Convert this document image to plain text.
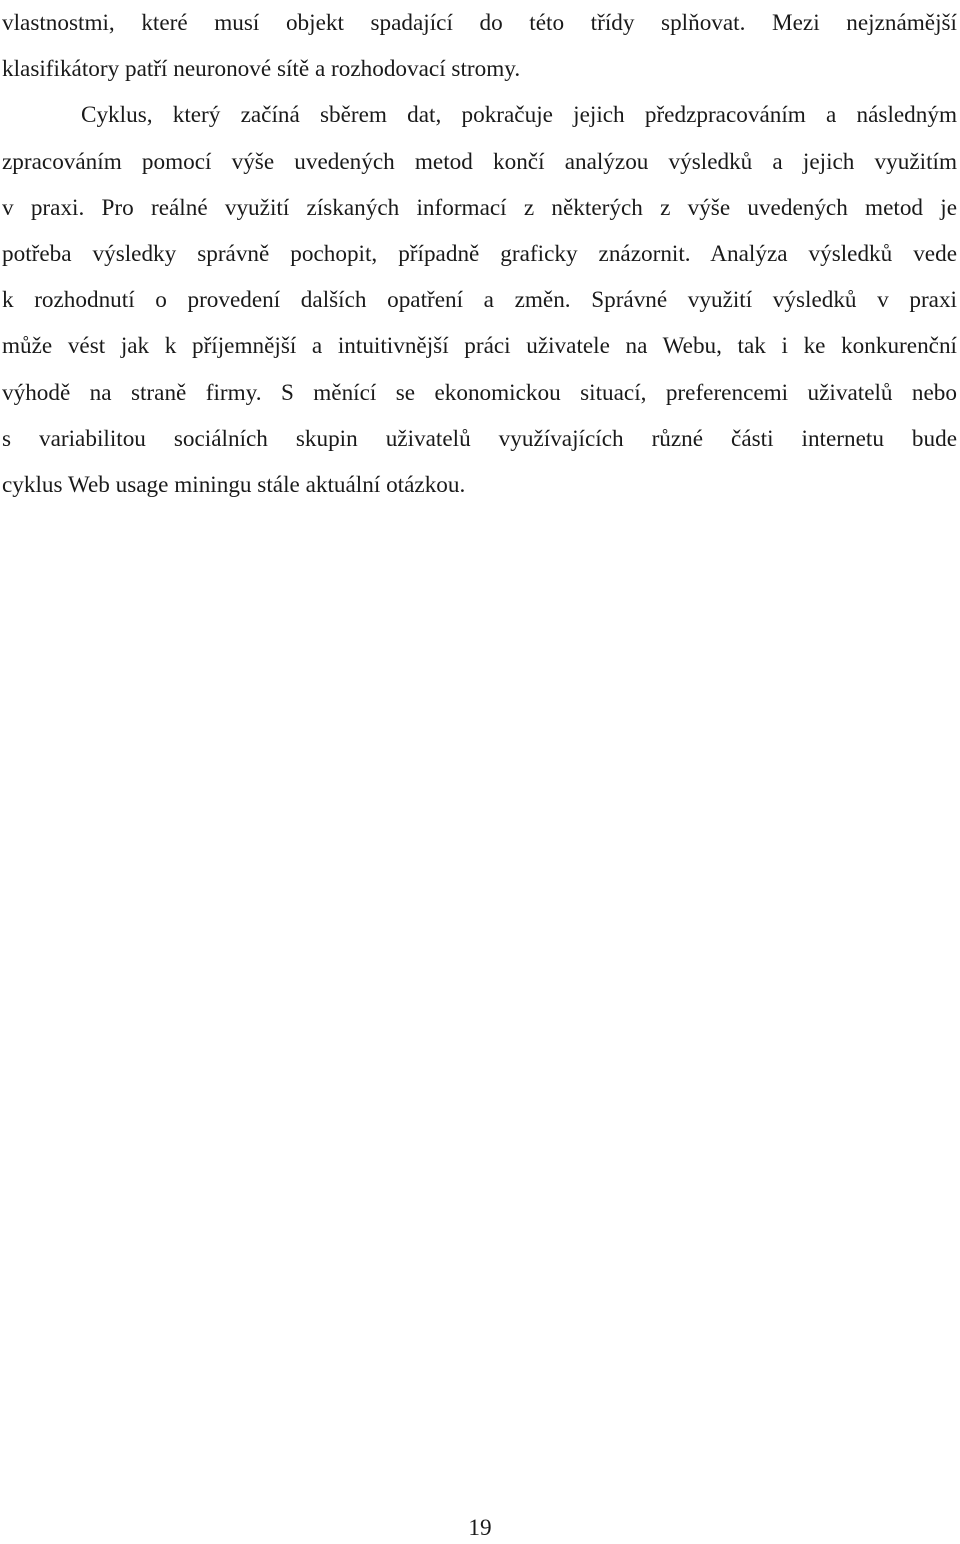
vlastnostmi, které musí objekt spadající do této třídy splňovat. Mezi nejznámější
klasifikátory patří neuronové sítě a rozhodovací stromy.

Cyklus, který začíná sběrem dat, pokračuje jejich předzpracováním a následným
zpracováním pomocí výše uvedených metod končí analýzou výsledků a jejich využitím
v praxi. Pro reálné využití získaných informací z některých z výše uvedených metod je
potřeba výsledky správně pochopit, případně graficky znázornit. Analýza výsledků vede
k rozhodnutí o provedení dalších opatření a změn. Správné využití výsledků v praxi
může vést jak k příjemnější a intuitivnější práci uživatele na Webu, tak i ke konkurenční
výhodě na straně firmy. S měnící se ekonomickou situací, preferencemi uživatelů nebo
s variabilitou sociálních skupin uživatelů využívajících různé části internetu bude
cyklus Web usage miningu stále aktuální otázkou.

19
